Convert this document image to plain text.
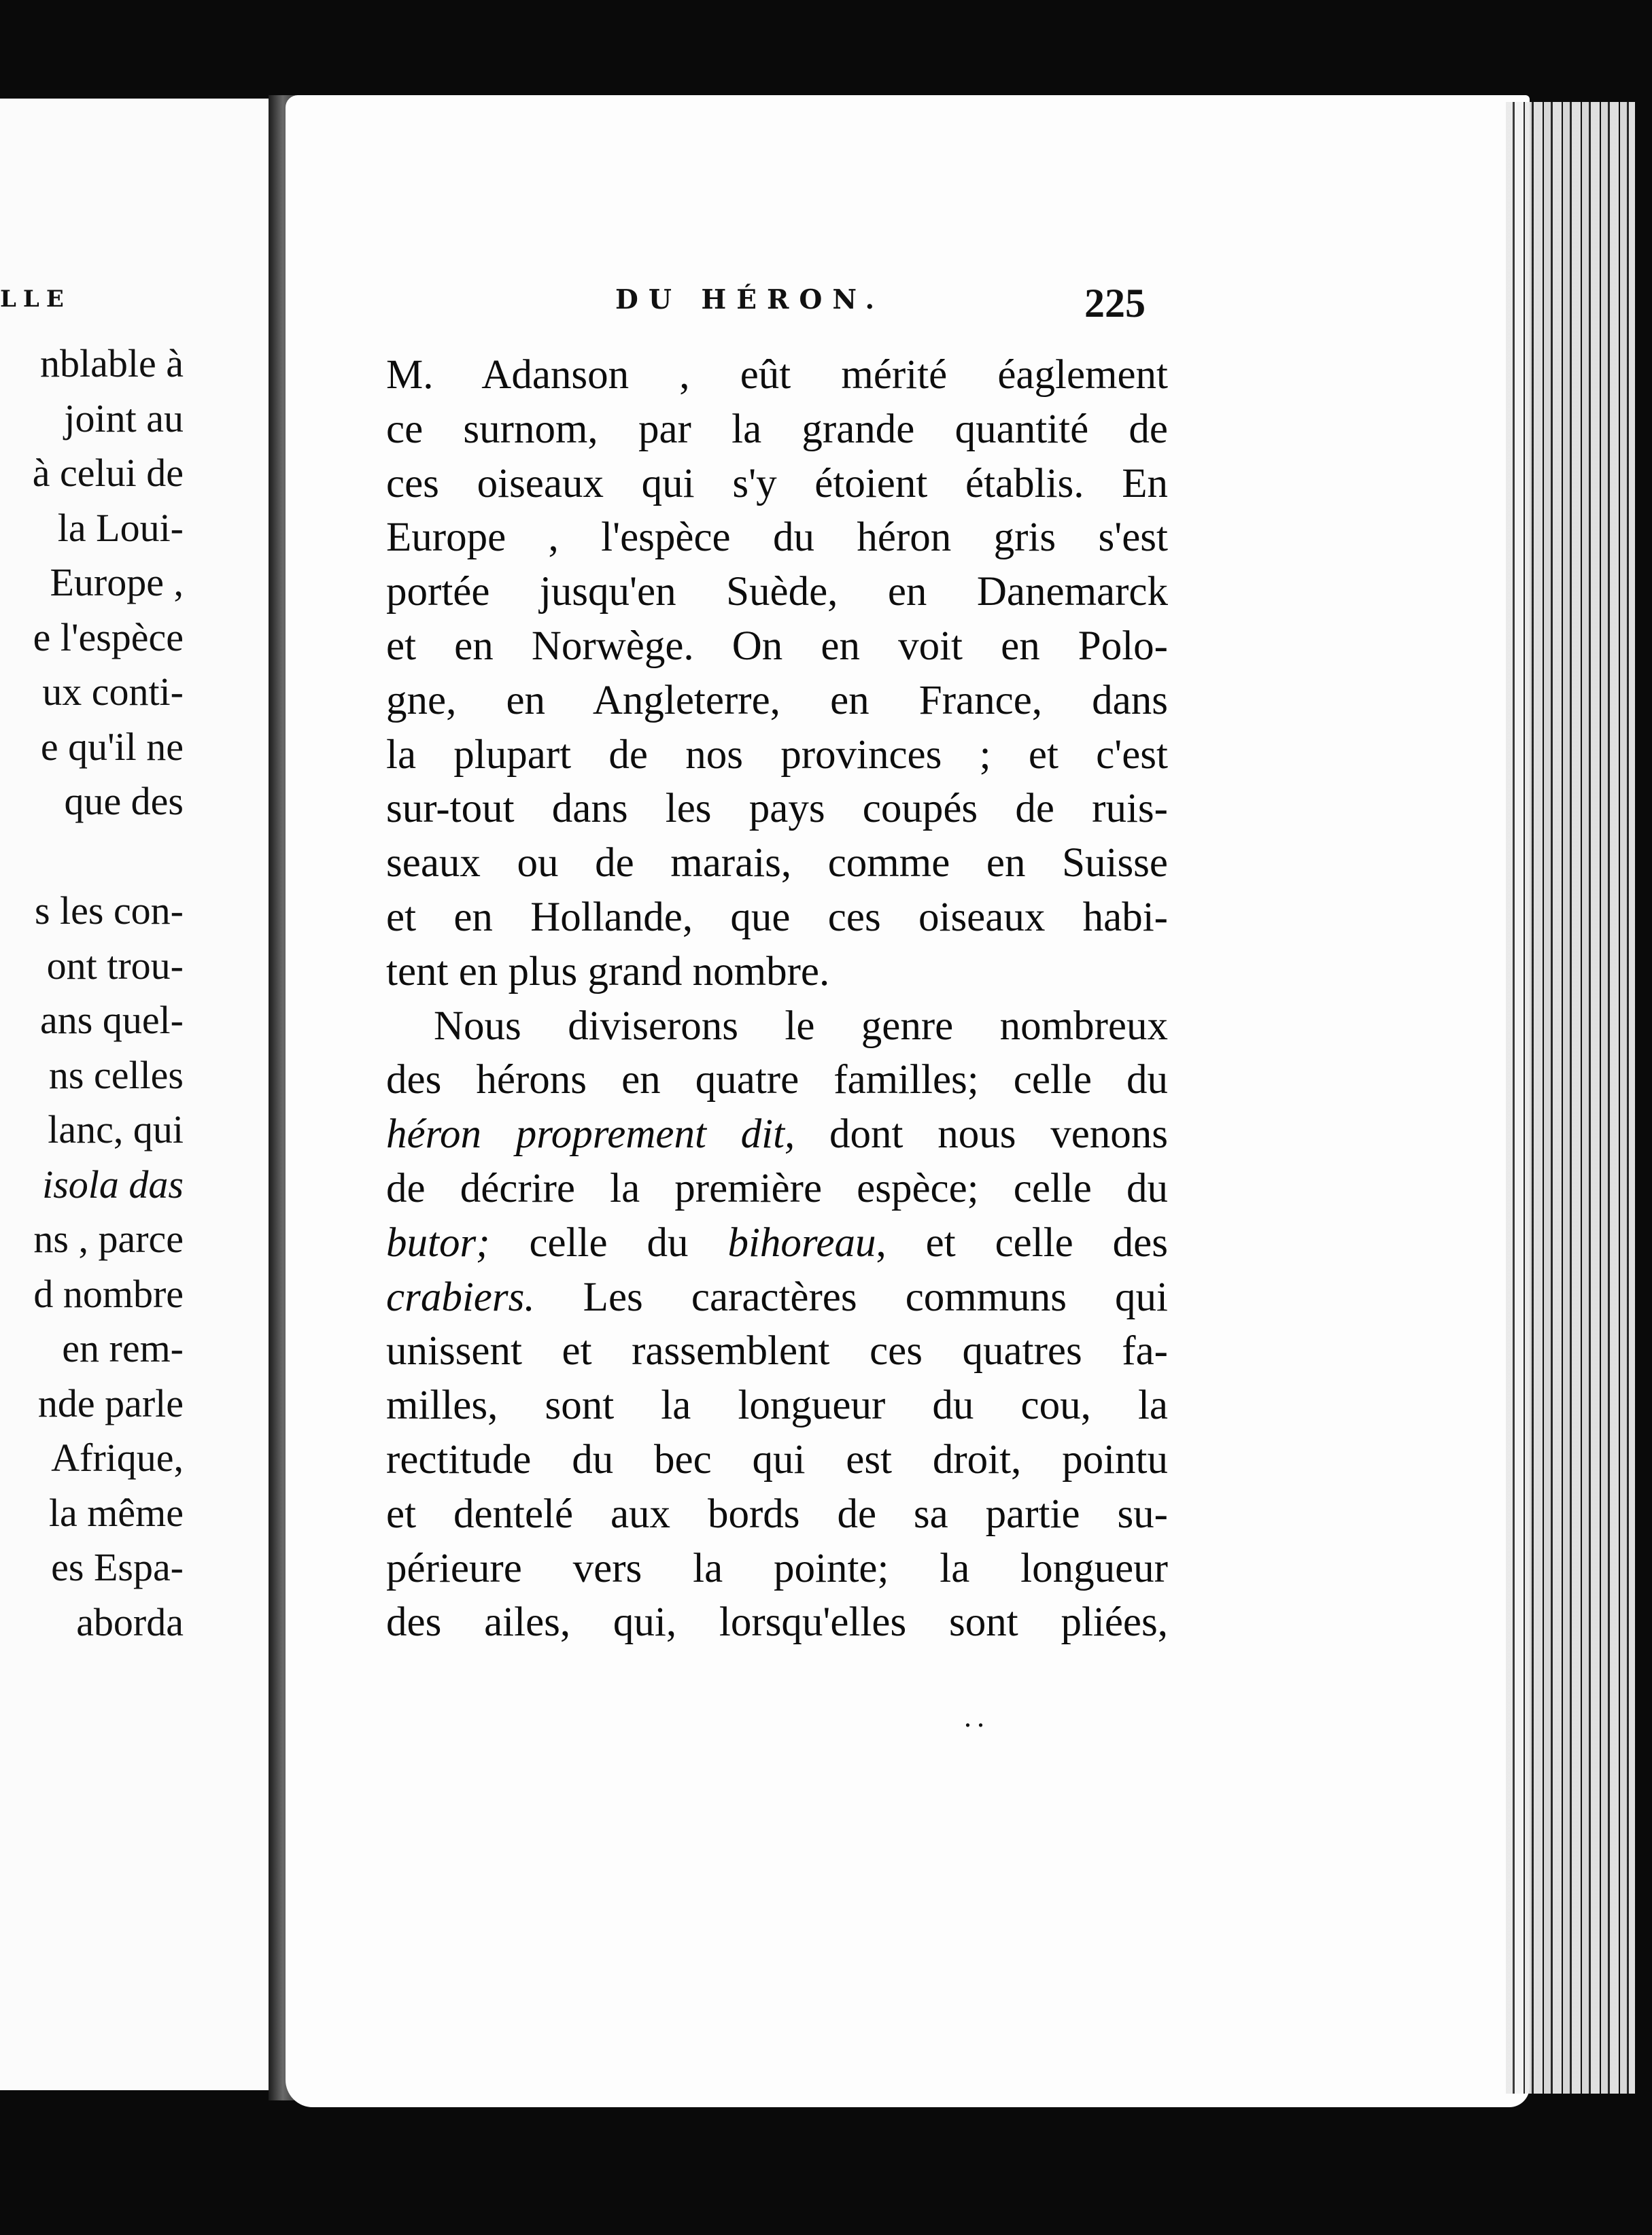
LLE
nblable à
joint au
à celui de
la Loui-
Europe ,
e l'espèce
ux conti-
e qu'il ne
que des
s les con-
ont trou-
ans quel-
ns celles
lanc, qui
isola das
ns , parce
d nombre
en rem-
nde parle
Afrique,
la même
es Espa-
aborda
DU HÉRON.	225
M. Adanson , eût mérité éaglement
ce surnom, par la grande quantité de
ces oiseaux qui s'y étoient établis. En
Europe , l'espèce du héron gris s'est
portée jusqu'en Suède, en Danemarck
et en Norwège. On en voit en Polo-
gne, en Angleterre, en France, dans
la plupart de nos provinces ; et c'est
sur-tout dans les pays coupés de ruis-
seaux ou de marais, comme en Suisse
et en Hollande, que ces oiseaux habi-
tent en plus grand nombre.
Nous diviserons le genre nombreux
des hérons en quatre familles; celle du
héron proprement dit, dont nous venons
de décrire la première espèce; celle du
butor; celle du bihoreau, et celle des
crabiers. Les caractères communs qui
unissent et rassemblent ces quatres fa-
milles, sont la longueur du cou, la
rectitude du bec qui est droit, pointu
et dentelé aux bords de sa partie su-
périeure vers la pointe; la longueur
des ailes, qui, lorsqu'elles sont pliées,
..
